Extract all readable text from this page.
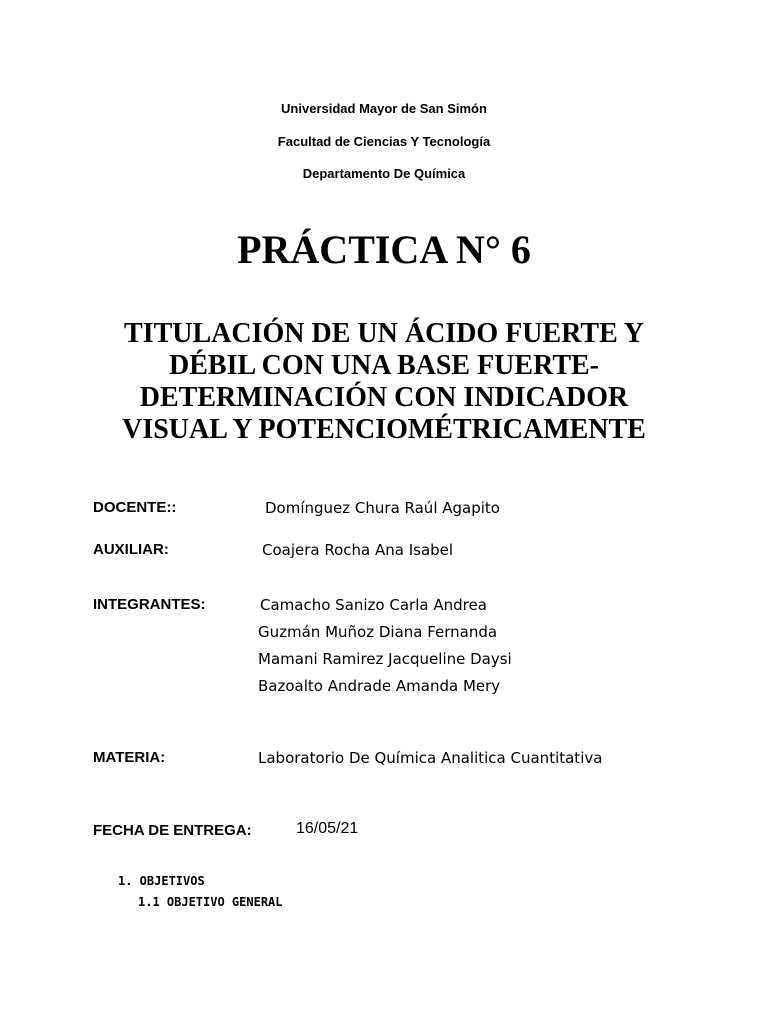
Universidad Mayor de San Simón
Facultad de Ciencias Y Tecnología
Departamento De Química
PRÁCTICA N° 6
TITULACIÓN DE UN ÁCIDO FUERTE Y
DÉBIL CON UNA BASE FUERTE-
DETERMINACIÓN CON INDICADOR
VISUAL Y POTENCIOMÉTRICAMENTE
DOCENTE::	Domínguez Chura Raúl Agapito
AUXILIAR:	Coajera Rocha Ana Isabel
INTEGRANTES:	Camacho Sanizo Carla Andrea
Guzmán Muñoz Diana Fernanda
Mamani Ramirez Jacqueline Daysi
Bazoalto Andrade Amanda Mery
MATERIA:	Laboratorio De Química Analitica Cuantitativa
FECHA DE ENTREGA:	16/05/21
1. OBJETIVOS
1.1 OBJETIVO GENERAL
